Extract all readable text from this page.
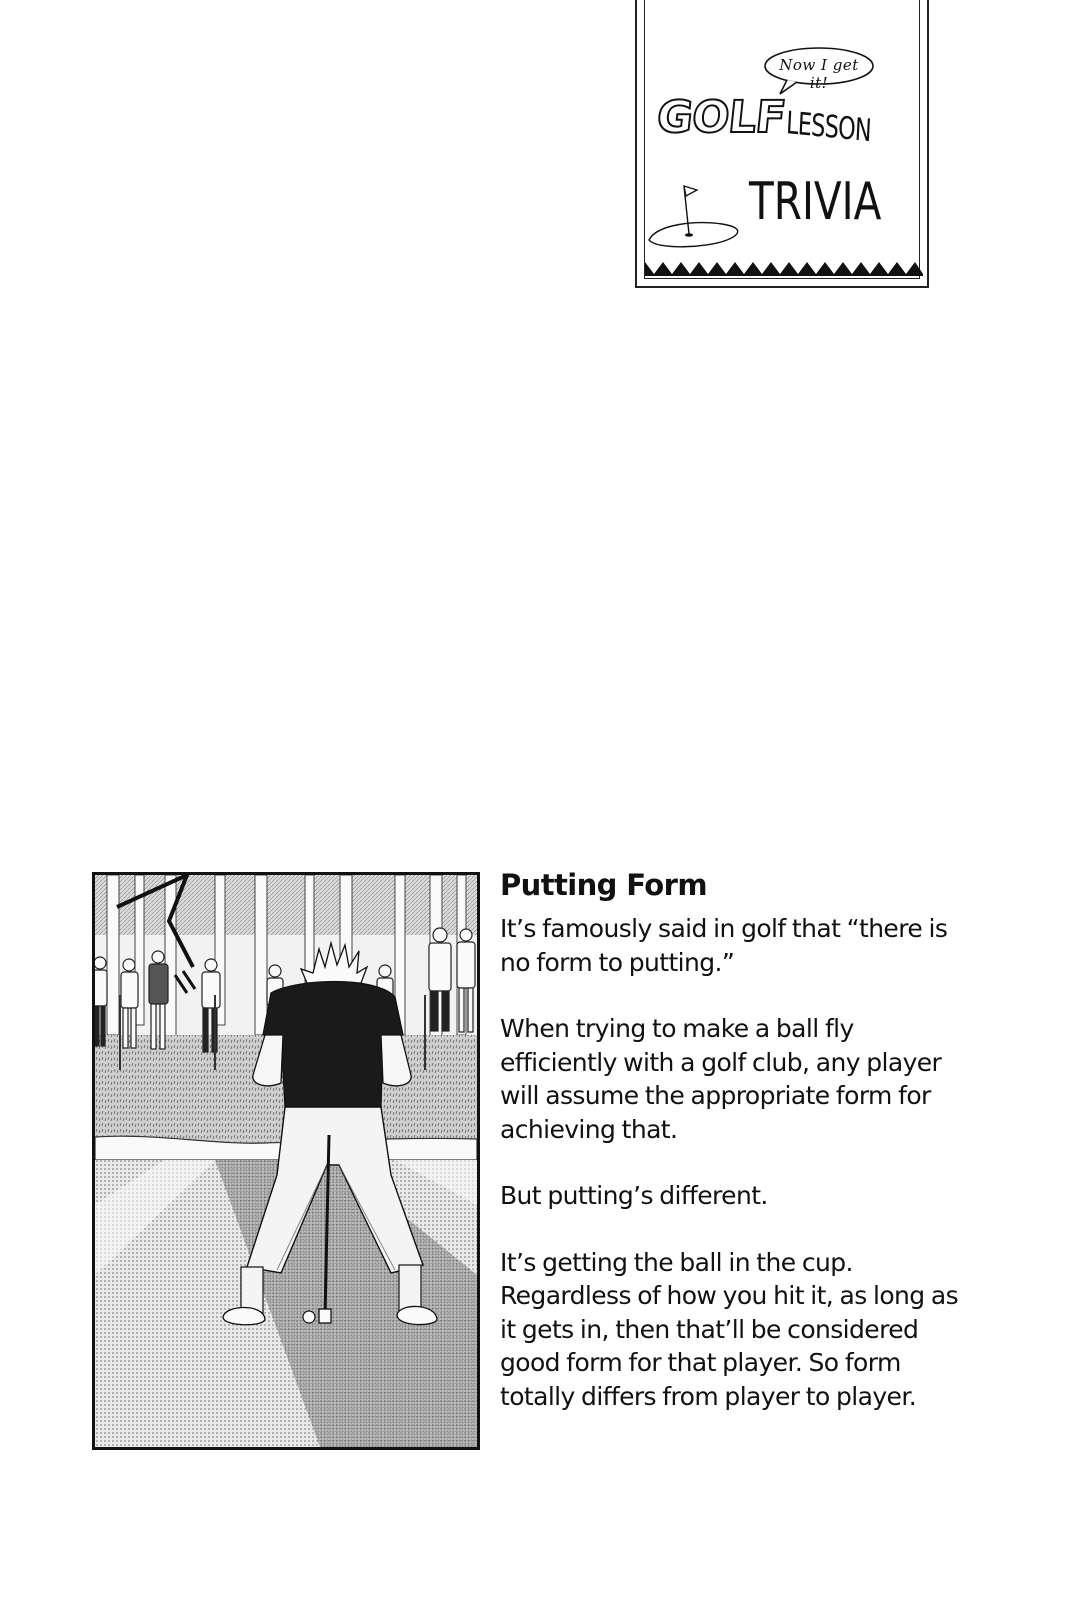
Now I get it!
GOLF
LESSON
TRIVIA
Putting Form

It’s famously said in golf that “there is no form to putting.”

When trying to make a ball fly efficiently with a golf club, any player will assume the appropriate form for achieving that.

But putting’s different.

It’s getting the ball in the cup. Regardless of how you hit it, as long as it gets in, then that’ll be considered good form for that player. So form totally differs from player to player.
